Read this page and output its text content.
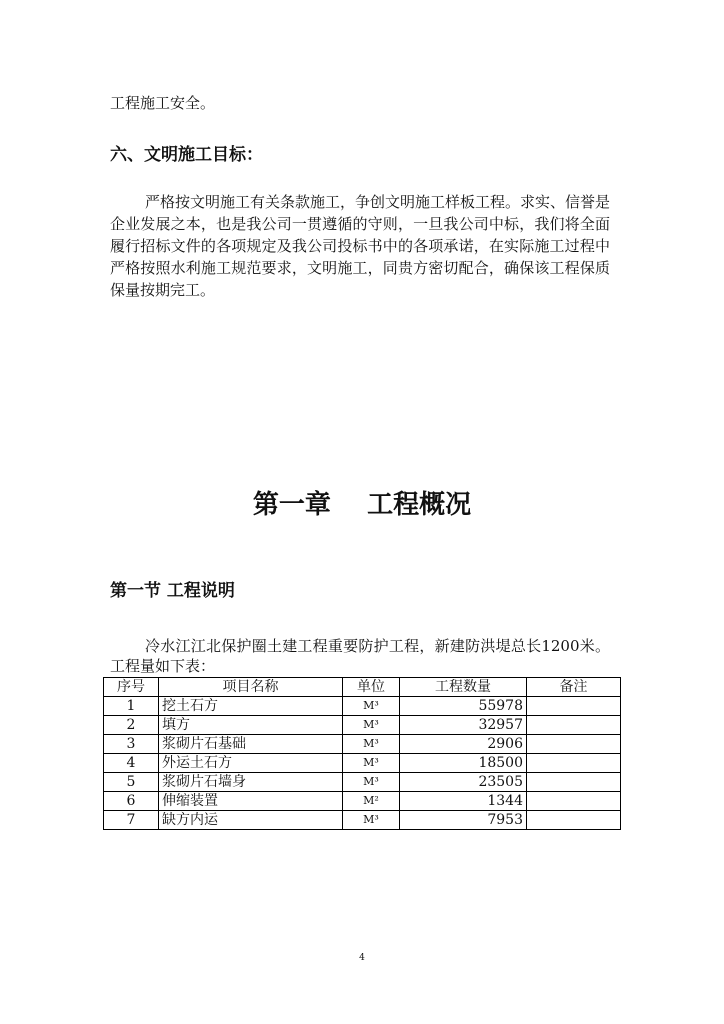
工程施工安全。

六、文明施工目标：

严格按文明施工有关条款施工，争创文明施工样板工程。求实、信誉是企业发展之本，也是我公司一贯遵循的守则，一旦我公司中标，我们将全面履行招标文件的各项规定及我公司投标书中的各项承诺，在实际施工过程中严格按照水利施工规范要求，文明施工，同贵方密切配合，确保该工程保质保量按期完工。

第一章    工程概况

第一节 工程说明

冷水江江北保护圈土建工程重要防护工程，新建防洪堤总长1200米。工程量如下表：

序号	项目名称	单位	工程数量	备注
1	挖土石方	M³	55978	
2	填方	M³	32957	
3	浆砌片石基础	M³	2906	
4	外运土石方	M³	18500	
5	浆砌片石墙身	M³	23505	
6	伸缩装置	M²	1344	
7	缺方内运	M³	7953	

4
